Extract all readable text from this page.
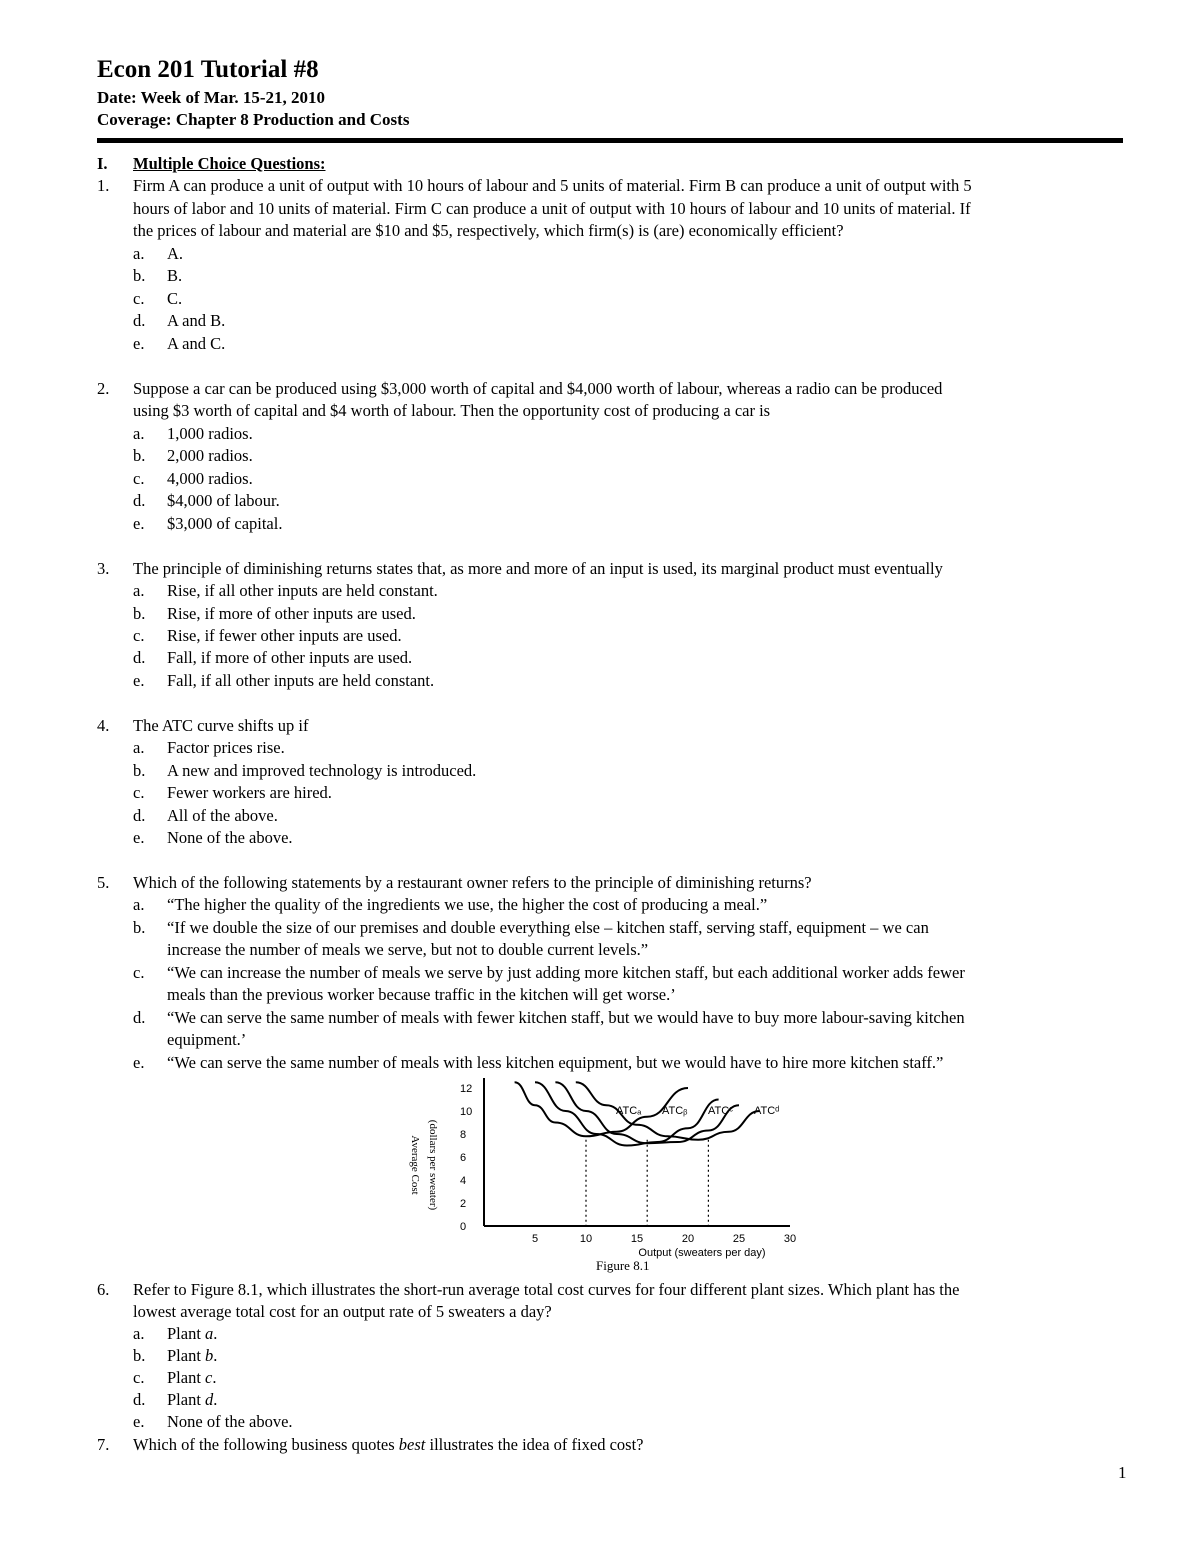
Econ 201 Tutorial #8
Date: Week of Mar. 15-21, 2010
Coverage: Chapter 8 Production and Costs
I. Multiple Choice Questions:
1. Firm A can produce a unit of output with 10 hours of labour and 5 units of material. Firm B can produce a unit of output with 5
hours of labor and 10 units of material. Firm C can produce a unit of output with 10 hours of labour and 10 units of material. If
the prices of labour and material are $10 and $5, respectively, which firm(s) is (are) economically efficient?
a. A.
b. B.
c. C.
d. A and B.
e. A and C.
2. Suppose a car can be produced using $3,000 worth of capital and $4,000 worth of labour, whereas a radio can be produced
using $3 worth of capital and $4 worth of labour. Then the opportunity cost of producing a car is
a. 1,000 radios.
b. 2,000 radios.
c. 4,000 radios.
d. $4,000 of labour.
e. $3,000 of capital.
3. The principle of diminishing returns states that, as more and more of an input is used, its marginal product must eventually
a. Rise, if all other inputs are held constant.
b. Rise, if more of other inputs are used.
c. Rise, if fewer other inputs are used.
d. Fall, if more of other inputs are used.
e. Fall, if all other inputs are held constant.
4. The ATC curve shifts up if
a. Factor prices rise.
b. A new and improved technology is introduced.
c. Fewer workers are hired.
d. All of the above.
e. None of the above.
5. Which of the following statements by a restaurant owner refers to the principle of diminishing returns?
a. “The higher the quality of the ingredients we use, the higher the cost of producing a meal.”
b. “If we double the size of our premises and double everything else – kitchen staff, serving staff, equipment – we can
increase the number of meals we serve, but not to double current levels.”
c. “We can increase the number of meals we serve by just adding more kitchen staff, but each additional worker adds fewer
meals than the previous worker because traffic in the kitchen will get worse.’
d. “We can serve the same number of meals with fewer kitchen staff, but we would have to buy more labour-saving kitchen
equipment.’
e. “We can serve the same number of meals with less kitchen equipment, but we would have to hire more kitchen staff.”
Average Cost (dollars per sweater)
0
2
4
6
8
10
12
5	10	15	20	25	30
ATCₐ ATCᵦ ATCᶜ ATCᵈ
Output (sweaters per day)
Figure 8.1
6. Refer to Figure 8.1, which illustrates the short-run average total cost curves for four different plant sizes. Which plant has the
lowest average total cost for an output rate of 5 sweaters a day?
a. Plant a.
b. Plant b.
c. Plant c.
d. Plant d.
e. None of the above.
7. Which of the following business quotes best illustrates the idea of fixed cost?
1
